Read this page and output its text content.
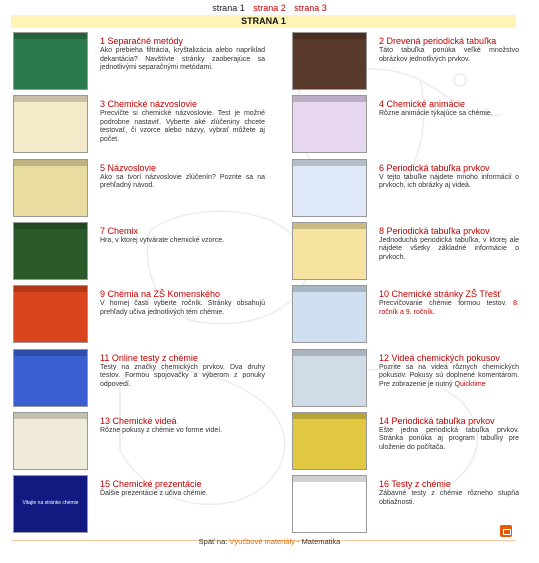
strana 1 strana 2 strana 3
STRANA 1
1 Separačné metódy
Ako prebieha filtrácia, kryštalizácia alebo napríklad dekantácia? Navštívte stránky zaoberajúce sa jednotlivými separačnými metódami.
3 Chemické názvoslovie
Precvičte si chemické názvoslovie. Test je možné podrobne nastaviť. Vyberte aké zlúčeniny chcete testovať, či vzorce alebo názvy, vybrať môžete aj počet.
5 Názvoslovie
Ako sa tvorí názvoslovie zlúčenín? Pozrite sa na prehľadný návod.
7 Chemix
Hra, v ktorej vytvárate chemické vzorce.
9 Chémia na ZŠ Komenského
V hornej časti vyberte ročník. Stránky obsahujú prehľady učiva jednotlivých tém chémie.
11 Online testy z chémie
Testy na značky chemických prvkov. Dva druhy testov. Formou spojovačky a výberom z ponuky odpovedí.
13 Chemické videá
Rôzne pokusy z chémie vo forme videí.
Vitajte na stránke chémie
15 Chemické prezentácie
Ďalšie prezentácie z učiva chémie.
2 Drevená periodická tabuľka
Táto tabuľka ponúka veľké množstvo obrázkov jednotlivých prvkov.
4 Chemické animácie
Rôzne animácie týkajúce sa chémie.
6 Periodická tabuľka prvkov
V tejto tabuľke nájdete mnoho informácií o prvkoch, ich obrázky aj videá.
8 Periodická tabuľka prvkov
Jednoduchá periodická tabuľka, v ktorej ale nájdete všetky základné informácie o prvkoch.
10 Chemické stránky ZŠ Třešť
Precvičovanie chémie formou testov. 8. ročník a 9. ročník.
12 Videá chemických pokusov
Pozrite sa na videá rôznych chemických pokusov. Pokusy sú doplnené komentárom. Pre zobrazenie je nutný Quicktime
14 Periodická tabuľka prvkov
Ešte jedna periodická tabuľka prvkov. Stránka ponúka aj program tabuľky pre uloženie do počítača.
16 Testy z chémie
Zábavné testy z chémie rôzneho stupňa obtiažnosti.
Späť na: Výučbové materiály - Matematika
